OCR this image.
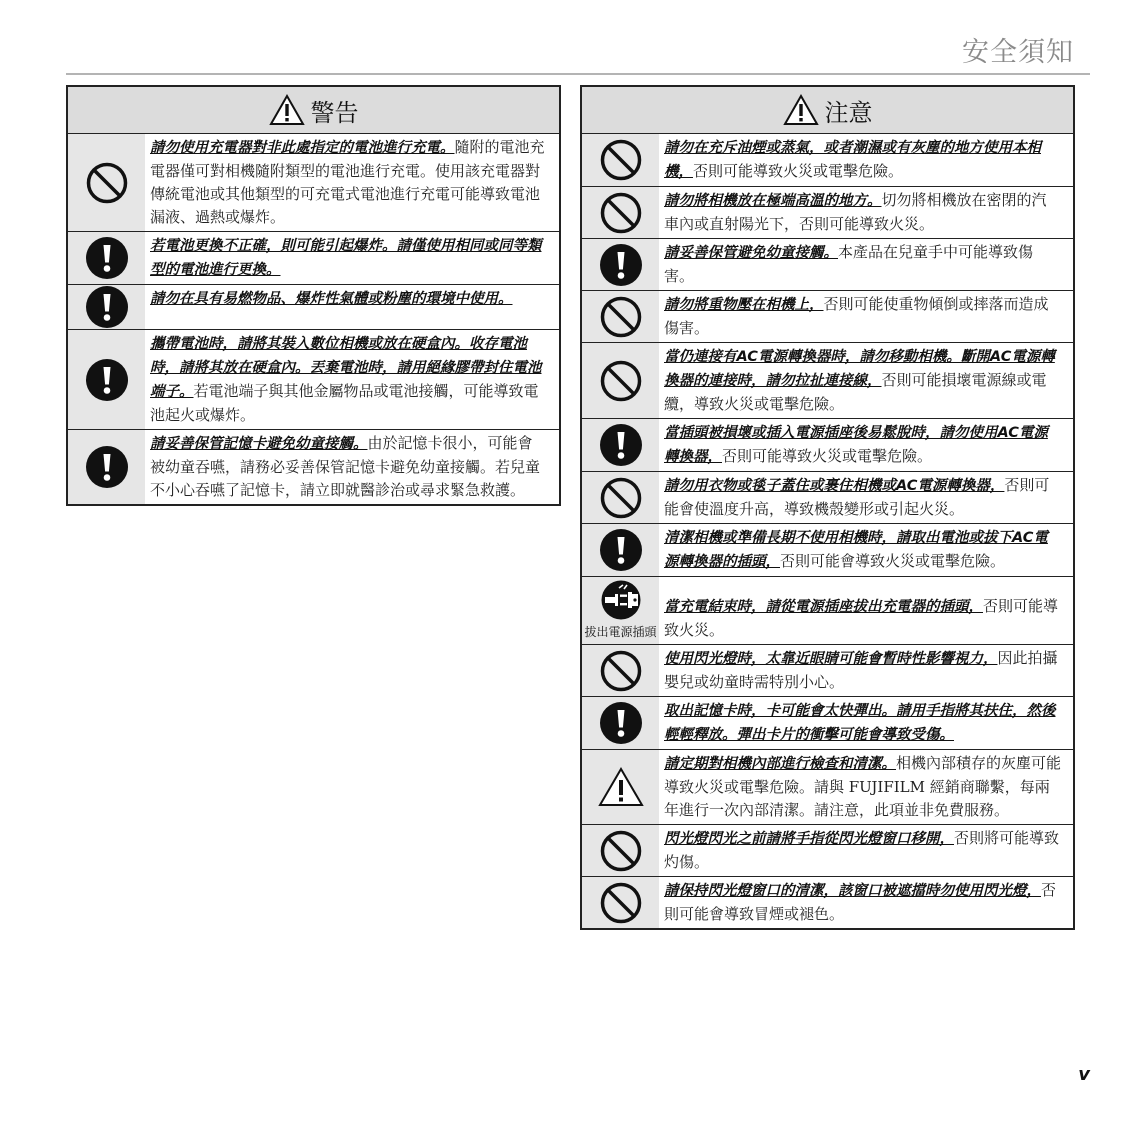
安全須知
警告
請勿使用充電器對非此處指定的電池進行充電。隨附的電池充電器僅可對相機隨附類型的電池進行充電。使用該充電器對傳統電池或其他類型的可充電式電池進行充電可能導致電池漏液、過熱或爆炸。
若電池更換不正確，則可能引起爆炸。請僅使用相同或同等類型的電池進行更換。
請勿在具有易燃物品、爆炸性氣體或粉塵的環境中使用。
攜帶電池時，請將其裝入數位相機或放在硬盒內。收存電池時，請將其放在硬盒內。丟棄電池時，請用絕緣膠帶封住電池端子。若電池端子與其他金屬物品或電池接觸，可能導致電池起火或爆炸。
請妥善保管記憶卡避免幼童接觸。由於記憶卡很小，可能會被幼童吞嚥，請務必妥善保管記憶卡避免幼童接觸。若兒童不小心吞嚥了記憶卡，請立即就醫診治或尋求緊急救護。
注意
請勿在充斥油煙或蒸氣，或者潮濕或有灰塵的地方使用本相機，否則可能導致火災或電擊危險。
請勿將相機放在極端高溫的地方。切勿將相機放在密閉的汽車內或直射陽光下，否則可能導致火災。
請妥善保管避免幼童接觸。本產品在兒童手中可能導致傷害。
請勿將重物壓在相機上，否則可能使重物傾倒或摔落而造成傷害。
當仍連接有AC電源轉換器時，請勿移動相機。斷開AC電源轉換器的連接時，請勿拉扯連接線，否則可能損壞電源線或電纜，導致火災或電擊危險。
當插頭被損壞或插入電源插座後易鬆脫時，請勿使用AC電源轉換器，否則可能導致火災或電擊危險。
請勿用衣物或毯子蓋住或裹住相機或AC電源轉換器，否則可能會使溫度升高，導致機殼變形或引起火災。
清潔相機或準備長期不使用相機時，請取出電池或拔下AC電源轉換器的插頭，否則可能會導致火災或電擊危險。
拔出電源插頭
當充電結束時，請從電源插座拔出充電器的插頭，否則可能導致火災。
使用閃光燈時，太靠近眼睛可能會暫時性影響視力，因此拍攝嬰兒或幼童時需特別小心。
取出記憶卡時，卡可能會太快彈出。請用手指將其扶住，然後輕輕釋放。彈出卡片的衝擊可能會導致受傷。
請定期對相機內部進行檢查和清潔。相機內部積存的灰塵可能導致火災或電擊危險。請與 FUJIFILM 經銷商聯繫，每兩年進行一次內部清潔。請注意，此項並非免費服務。
閃光燈閃光之前請將手指從閃光燈窗口移開，否則將可能導致灼傷。
請保持閃光燈窗口的清潔，該窗口被遮擋時勿使用閃光燈，否則可能會導致冒煙或褪色。
v
